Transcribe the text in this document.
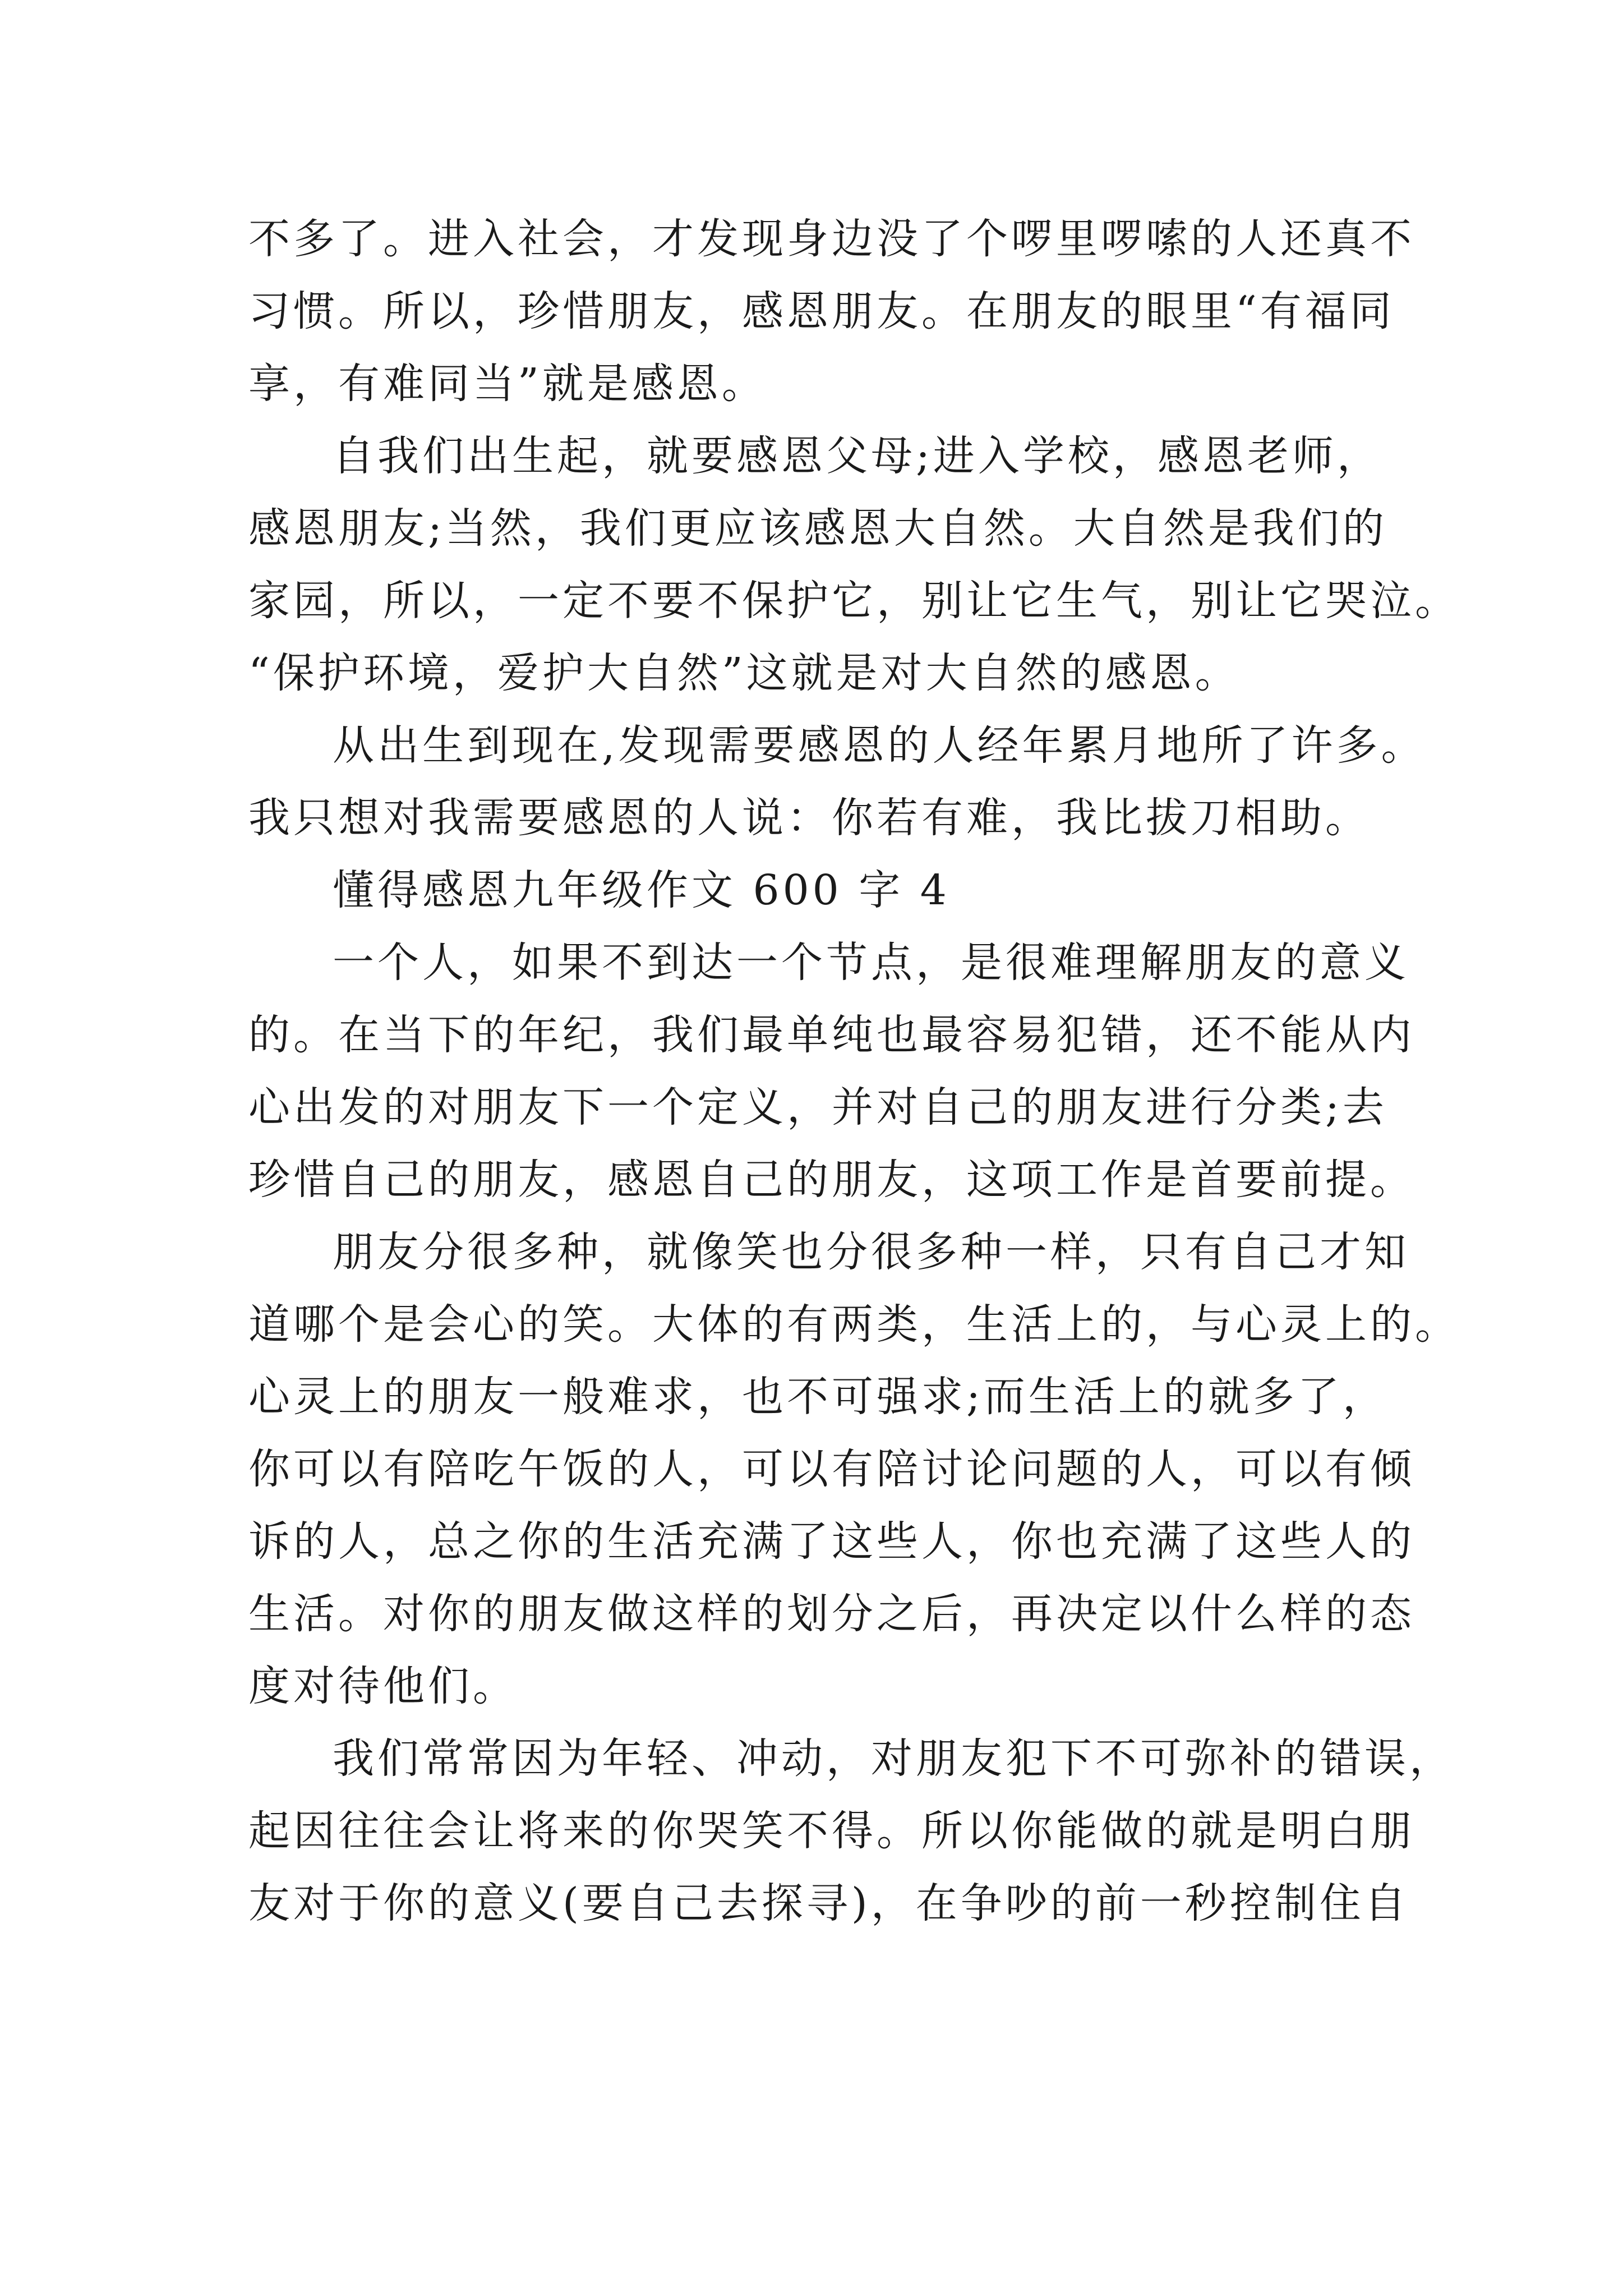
不多了。进入社会，才发现身边没了个啰里啰嗦的人还真不
习惯。所以，珍惜朋友，感恩朋友。在朋友的眼里“有福同
享，有难同当”就是感恩。
自我们出生起，就要感恩父母;进入学校，感恩老师，
感恩朋友;当然，我们更应该感恩大自然。大自然是我们的
家园，所以，一定不要不保护它，别让它生气，别让它哭泣。
“保护环境，爱护大自然”这就是对大自然的感恩。
从出生到现在,发现需要感恩的人经年累月地所了许多。
我只想对我需要感恩的人说：你若有难，我比拔刀相助。
懂得感恩九年级作文 600 字 4
一个人，如果不到达一个节点，是很难理解朋友的意义
的。在当下的年纪，我们最单纯也最容易犯错，还不能从内
心出发的对朋友下一个定义，并对自己的朋友进行分类;去
珍惜自己的朋友，感恩自己的朋友，这项工作是首要前提。
朋友分很多种，就像笑也分很多种一样，只有自己才知
道哪个是会心的笑。大体的有两类，生活上的，与心灵上的。
心灵上的朋友一般难求，也不可强求;而生活上的就多了，
你可以有陪吃午饭的人，可以有陪讨论问题的人，可以有倾
诉的人，总之你的生活充满了这些人，你也充满了这些人的
生活。对你的朋友做这样的划分之后，再决定以什么样的态
度对待他们。
我们常常因为年轻、冲动，对朋友犯下不可弥补的错误，
起因往往会让将来的你哭笑不得。所以你能做的就是明白朋
友对于你的意义(要自己去探寻)，在争吵的前一秒控制住自
